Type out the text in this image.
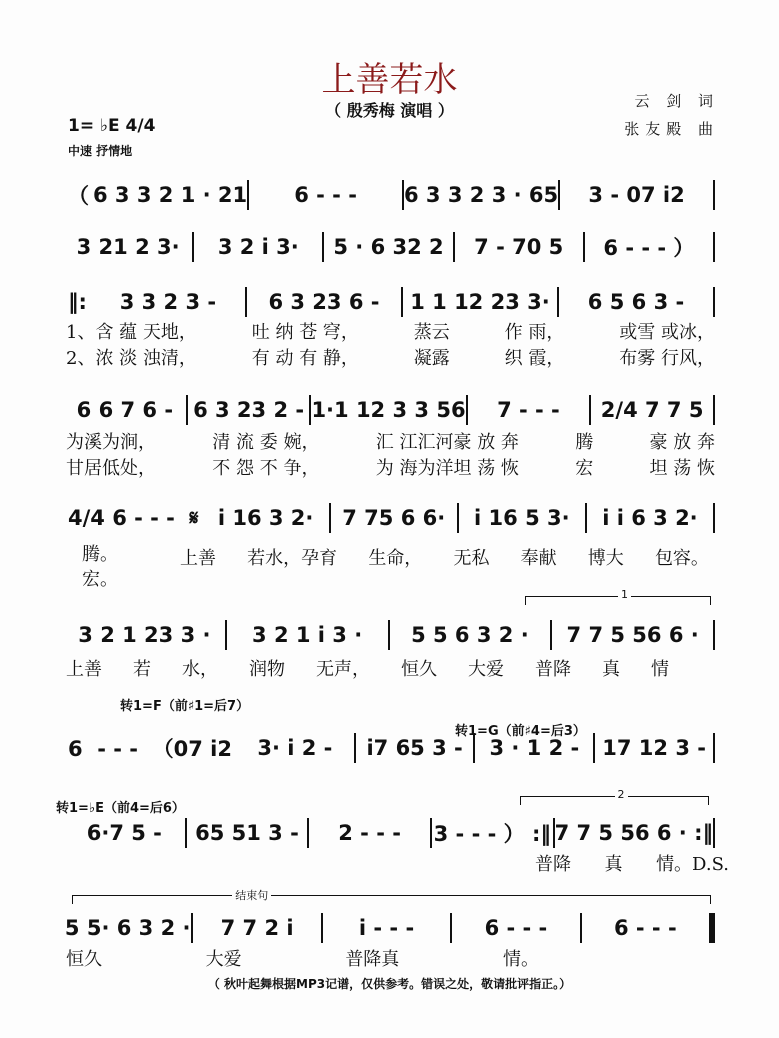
上善若水
（ 殷秀梅 演唱 ）	云 剑 词
张友殿 曲
1= ♭E 4/4
中速 抒情地
（ 6 3 3 2 1 · 21	6 - - -	6 3 3 2 3 · 65	3 - 07 i2
3 21 2 3·	3 2 i 3·	5 · 6 32 2	7 - 70 5	6 - - - ）
‖:	3 3 2 3 -	6 3 23 6 -	1 1 12 23 3·	6 5 6 3 -
6 6 7 6 - 6 3 23 2 - 1·1 12 3 3 56	7 - - -	2/4 7 7 5
4/4 6 - - -  𝄋 i 16 3 2·	7 75 6 6·	i 16 5 3·	i i 6 3 2·
3 2 1 23 3 ·	3 2 1 i 3 ·	5 5 6 3 2 ·	7 7 5 56 6 ·
6  - - -  （07 i2	3· i 2 -	i7 65 3 -	3 · 1 2 -	17 12 3 -
6·7 5 -	65 51 3 -	2 - - -	3 - - - ） :‖ 7 7 5 56 6 · :‖
5 5· 6 3 2 ·	7 7 2 i	i - - -	6 - - -	6 - - -
1、含 蕴 天地，	吐 纳 苍 穹，	蒸云	作 雨，	或雪 或冰，
2、浓 淡 浊清，	有 动 有 静，	凝露	织 霞，	布雾 行风，
为溪为涧，	清 流 委 婉，	汇 江汇河豪 放 奔	腾	豪 放 奔
甘居低处，	不 怨 不 争，	为 海为洋坦 荡 恢	宏	坦 荡 恢
腾。
宏。
上善 若水，孕育 生命， 无私 奉献 博大 包容。
上善 若 水， 润物 无声， 恒久 大爱 普降 真 情
普降 真 情。D.S.
恒久	大爱	普降真	情。
转1=F（前♯1=后7）
转1=G（前♯4=后3）
转1=♭E（前4=后6）
1
2
结束句
（ 秋叶起舞根据MP3记谱，仅供参考。错误之处，敬请批评指正。）
